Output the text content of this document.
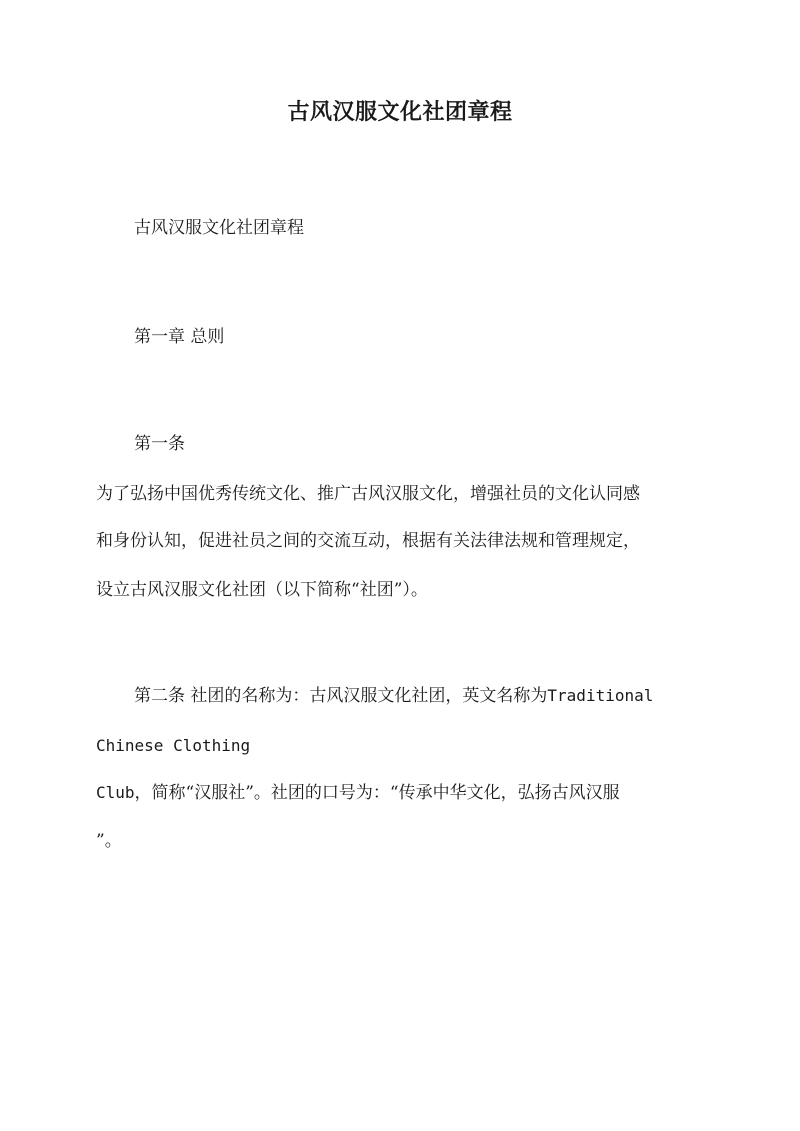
古风汉服文化社团章程
古风汉服文化社团章程
第一章 总则
第一条
为了弘扬中国优秀传统文化、推广古风汉服文化，增强社员的文化认同感
和身份认知，促进社员之间的交流互动，根据有关法律法规和管理规定，
设立古风汉服文化社团（以下简称“社团”）。
第二条 社团的名称为：古风汉服文化社团，英文名称为Traditional
Chinese Clothing
Club，简称“汉服社”。社团的口号为：“传承中华文化，弘扬古风汉服
”。
